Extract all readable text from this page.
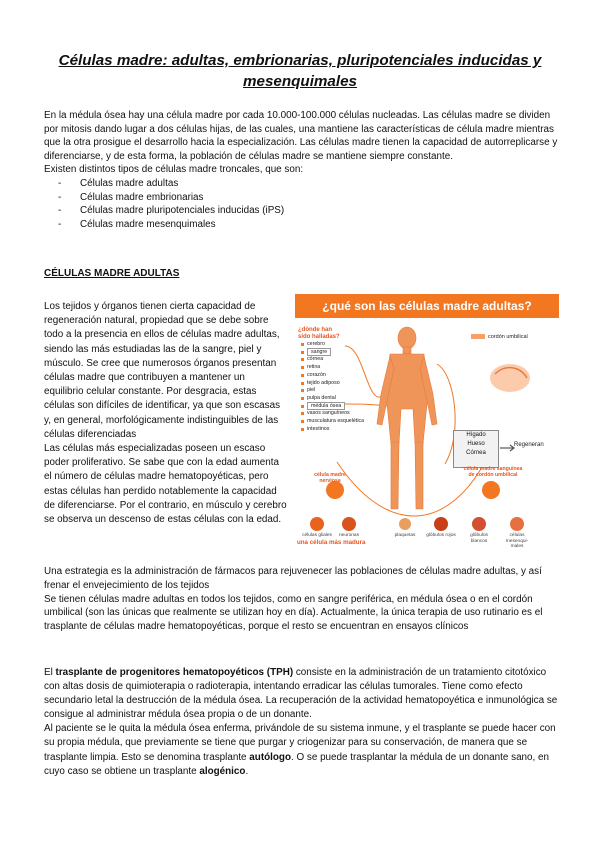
Células madre: adultas, embrionarias, pluripotenciales inducidas y
mesenquimales

En la médula ósea hay una célula madre por cada 10.000-100.000 células nucleadas. Las células madre se dividen por mitosis dando lugar a dos células hijas, de las cuales, una mantiene las características de célula madre mientras que la otra prosigue el desarrollo hacia la especialización. Las células madre tienen la capacidad de autorreplicarse y diferenciarse, y de esta forma, la población de células madre se mantiene siempre constante.

Existen distintos tipos de células madre troncales, que son:

- Células madre adultas
- Células madre embrionarias
- Células madre pluripotenciales inducidas (iPS)
- Células madre mesenquimales
CÉLULAS MADRE ADULTAS

Los tejidos y órganos tienen cierta capacidad de regeneración natural, propiedad que se debe sobre todo a la presencia en ellos de células madre adultas, siendo las más estudiadas las de la sangre, piel y músculo. Se cree que numerosos órganos presentan células madre que contribuyen a mantener un equilibrio celular constante. Por desgracia, estas células son difíciles de identificar, ya que son escasas y, en general, morfológicamente indistinguibles de las células diferenciadas

Las células más especializadas poseen un escaso poder proliferativo. Se sabe que con la edad aumenta el número de células madre hematopoyéticas, pero estas células han perdido notablemente la capacidad de diferenciarse. Por el contrario, en músculo y cerebro se observa un descenso de estas células con la edad.

¿qué son las células madre adultas?
¿dónde han sido halladas?
cerebro
sangre
córnea
retina
corazón
tejido adiposo
piel
pulpa dental
médula ósea
vasos sanguíneos
musculatura esquelética
intestinos
cordón umbilical
Hígado
Hueso
Córnea
Regeneran
célula madre nerviosa
célula madre sanguínea de cordón umbilical
células gliales	neuronas	plaquetas	glóbulos rojos	glóbulos blancos
células mesenqui-males
una célula más madura

Una estrategia es la administración de fármacos para rejuvenecer las poblaciones de células madre adultas, y así frenar el envejecimiento de los tejidos

Se tienen células madre adultas en todos los tejidos, como en sangre periférica, en médula ósea o en el cordón umbilical (son las únicas que realmente se utilizan hoy en día). Actualmente, la única terapia de uso rutinario es el trasplante de células madre hematopoyéticas, porque el resto se encuentran en ensayos clínicos

El trasplante de progenitores hematopoyéticos (TPH) consiste en la administración de un tratamiento citotóxico con altas dosis de quimioterapia o radioterapia, intentando erradicar las células tumorales. Tiene como efecto secundario letal la destrucción de la médula ósea. La recuperación de la actividad hematopoyética e inmunológica se consigue al administrar médula ósea propia o de un donante.

Al paciente se le quita la médula ósea enferma, privándole de su sistema inmune, y el trasplante se puede hacer con su propia médula, que previamente se tiene que purgar y criogenizar para su conservación, de manera que se trasplante limpia. Esto se denomina trasplante autólogo. O se puede trasplantar la médula de un donante sano, en cuyo caso se obtiene un trasplante alogénico.
